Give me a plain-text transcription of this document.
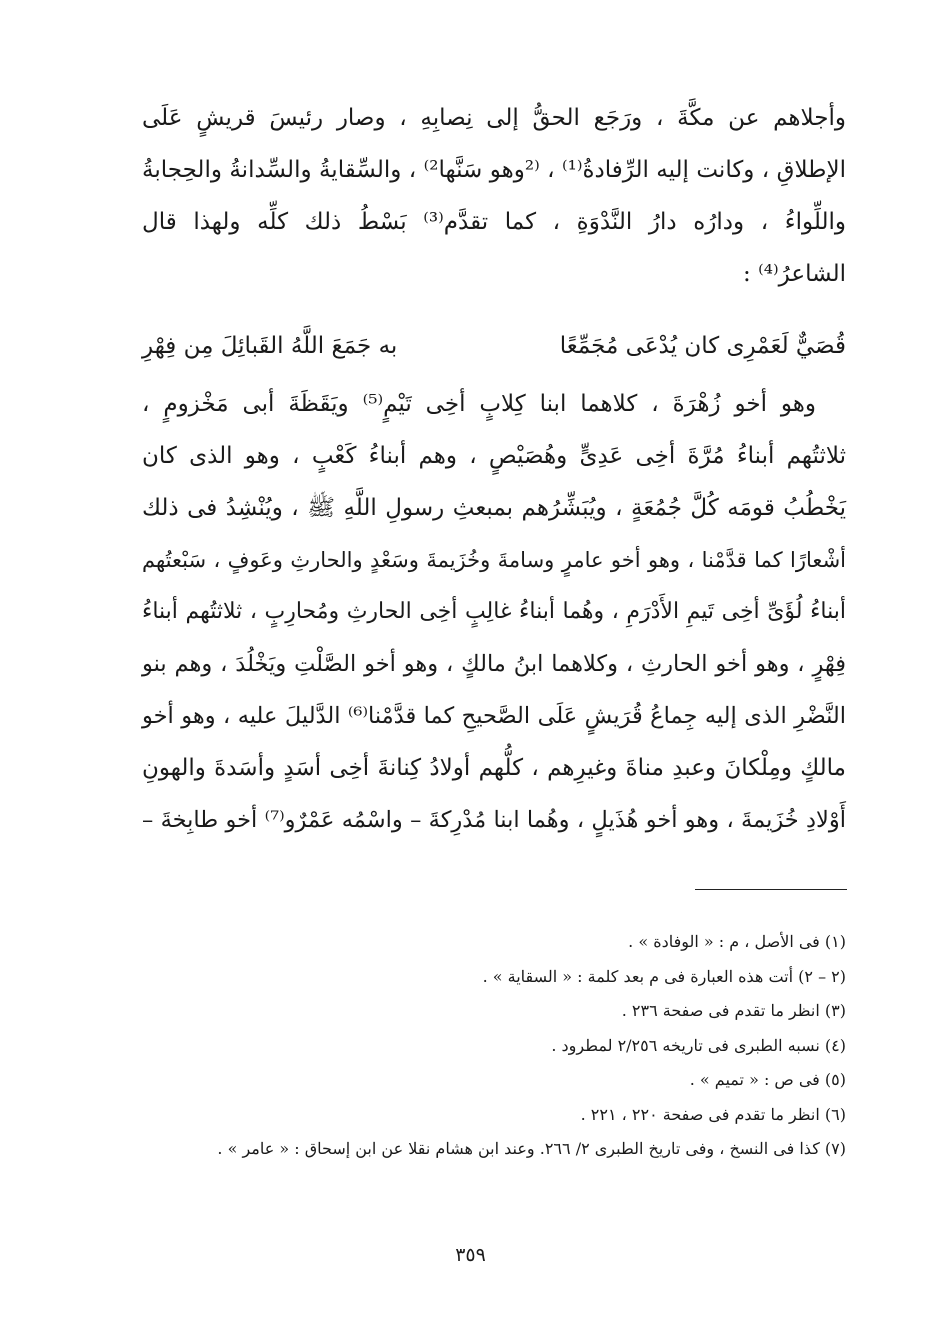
وأجلاهم عن مكَّةَ ، ورَجَع الحقُّ إلى نِصابِهِ ، وصار رئيسَ قريشٍ عَلَى
الإطلاقِ ، وكانت إليه الرِّفادةُ⁽¹⁾ ، ⁽²وهو سَنَّها²⁾ ، والسِّقايةُ والسِّدانةُ والحِجابةُ
واللِّواءُ ، ودارُه دارُ النَّدْوَةِ ، كما تقدَّم⁽³⁾ بَسْطُ ذلك كلِّه ولهذا قال
الشاعرُ⁽⁴⁾ :
قُصَيٌّ لَعَمْرِى كان يُدْعَى مُجَمِّعًا
به جَمَعَ اللَّهُ القَبائِلَ مِن فِهْرِ
وهو أخو زُهْرَةَ ، كلاهما ابنا كِلابٍ أخِى تَيْمٍ⁽⁵⁾ ويَقَظَةَ أبى مَخْزومٍ ،
ثلاثتُهم أبناءُ مُرَّةَ أخِى عَدِىٍّ وهُصَيْصٍ ، وهم أبناءُ كَعْبٍ ، وهو الذى كان
يَخْطُبُ قومَه كُلَّ جُمُعَةٍ ، ويُبَشِّرُهم بمبعثِ رسولِ اللَّهِ ﷺ ، ويُنْشِدُ فى ذلك
أشْعارًا كما قدَّمْنا ، وهو أخو عامرٍ وسامةَ وخُزَيمةَ وسَعْدٍ والحارثِ وعَوفٍ ، سَبْعتُهم
أبناءُ لُؤَىِّ أخِى تَيمِ الأَدْرَمِ ، وهُما أبناءُ غالِبٍ أخِى الحارثِ ومُحارِبٍ ، ثلاثتُهم أبناءُ
فِهْرٍ ، وهو أخو الحارثِ ، وكلاهما ابنُ مالكٍ ، وهو أخو الصَّلْتِ ويَخْلُدَ ، وهم بنو
النَّضْرِ الذى إليه جِماعُ قُرَيشٍ عَلَى الصَّحيحِ كما قدَّمْنا⁽⁶⁾ الدَّليلَ عليه ، وهو أخو
مالكٍ ومِلْكانَ وعبدِ مناةَ وغيرِهم ، كلُّهم أولادُ كِنانةَ أخِى أسَدٍ وأسَدةَ والهونِ
أَوْلادِ خُزَيمةَ ، وهو أخو هُذَيلٍ ، وهُما ابنا مُدْرِكةَ – واسْمُه عَمْرٌو⁽⁷⁾ أخو طابِخةَ –
(١) فى الأصل ، م : « الوفادة » .
(٢ – ٢) أتت هذه العبارة فى م بعد كلمة : « السقاية » .
(٣) انظر ما تقدم فى صفحة ٢٣٦ .
(٤) نسبه الطبرى فى تاريخه ٢/٢٥٦ لمطرود .
(٥) فى ص : « تميم » .
(٦) انظر ما تقدم فى صفحة ٢٢٠ ، ٢٢١ .
(٧) كذا فى النسخ ، وفى تاريخ الطبرى ٢/ ٢٦٦. وعند ابن هشام نقلا عن ابن إسحاق : « عامر » .
٣٥٩
